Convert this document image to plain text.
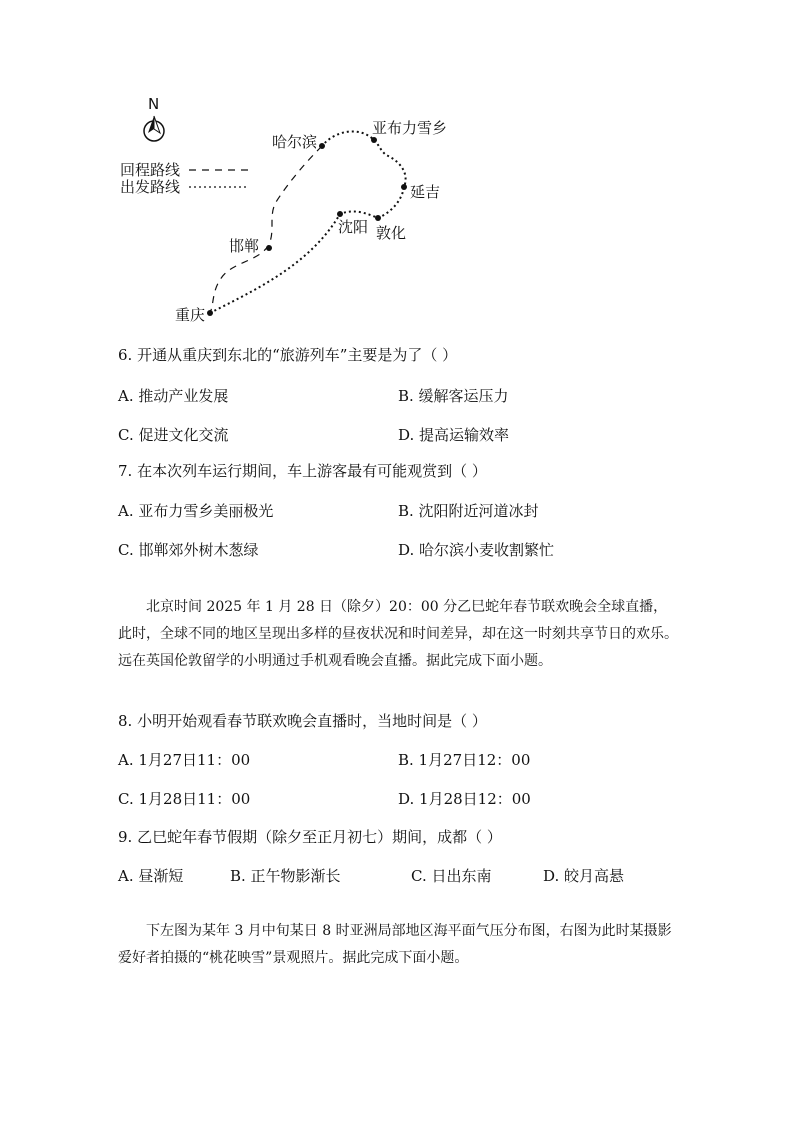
N
回程路线
出发路线
哈尔滨
亚布力雪乡
延吉
沈阳 敦化
邯郸
重庆
6. 开通从重庆到东北的“旅游列车”主要是为了（ ）
A. 推动产业发展	B. 缓解客运压力
C. 促进文化交流	D. 提高运输效率
7. 在本次列车运行期间，车上游客最有可能观赏到（ ）
A. 亚布力雪乡美丽极光	B. 沈阳附近河道冰封
C. 邯郸郊外树木葱绿	D. 哈尔滨小麦收割繁忙
北京时间 2025 年 1 月 28 日（除夕）20：00 分乙巳蛇年春节联欢晚会全球直播，此时，全球不同的地区呈现出多样的昼夜状况和时间差异，却在这一时刻共享节日的欢乐。远在英国伦敦留学的小明通过手机观看晚会直播。据此完成下面小题。
8. 小明开始观看春节联欢晚会直播时，当地时间是（ ）
A. 1月27日11：00	B. 1月27日12：00
C. 1月28日11：00	D. 1月28日12：00
9. 乙巳蛇年春节假期（除夕至正月初七）期间，成都（ ）
A. 昼渐短	B. 正午物影渐长	C. 日出东南	D. 皎月高悬
下左图为某年 3 月中旬某日 8 时亚洲局部地区海平面气压分布图，右图为此时某摄影爱好者拍摄的“桃花映雪”景观照片。据此完成下面小题。
